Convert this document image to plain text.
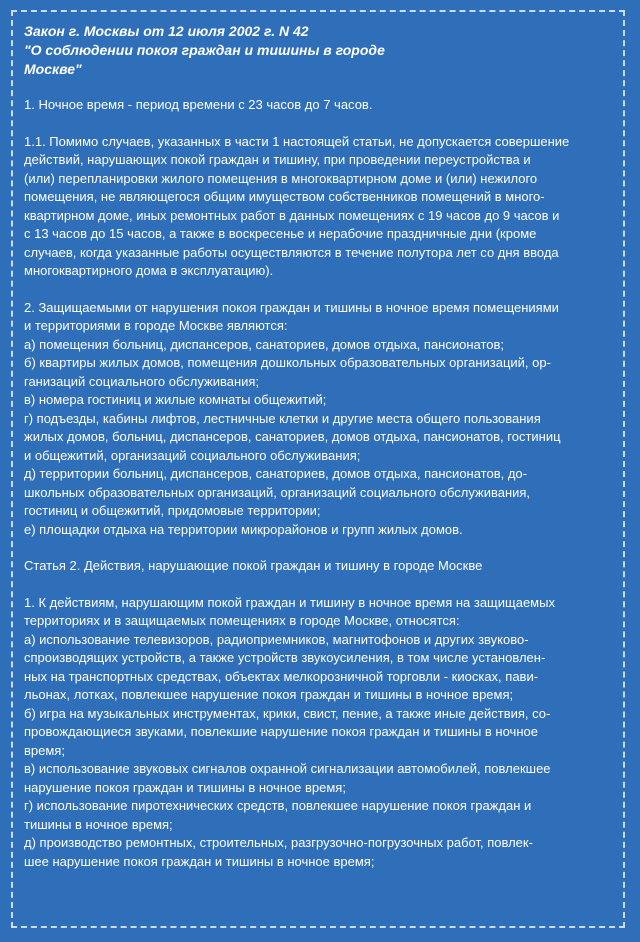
Закон г. Москвы от 12 июля 2002 г. N 42
"О соблюдении покоя граждан и тишины в городе
Москве"
1. Ночное время - период времени с 23 часов до 7 часов.
1.1. Помимо случаев, указанных в части 1 настоящей статьи, не допускается совершение
действий, нарушающих покой граждан и тишину, при проведении переустройства и
(или) перепланировки жилого помещения в многоквартирном доме и (или) нежилого
помещения, не являющегося общим имуществом собственников помещений в много-
квартирном доме, иных ремонтных работ в данных помещениях с 19 часов до 9 часов и
с 13 часов до 15 часов, а также в воскресенье и нерабочие праздничные дни (кроме
случаев, когда указанные работы осуществляются в течение полутора лет со дня ввода
многоквартирного дома в эксплуатацию).
2. Защищаемыми от нарушения покоя граждан и тишины в ночное время помещениями
и территориями в городе Москве являются:
а) помещения больниц, диспансеров, санаториев, домов отдыха, пансионатов;
б) квартиры жилых домов, помещения дошкольных образовательных организаций, ор-
ганизаций социального обслуживания;
в) номера гостиниц и жилые комнаты общежитий;
г) подъезды, кабины лифтов, лестничные клетки и другие места общего пользования
жилых домов, больниц, диспансеров, санаториев, домов отдыха, пансионатов, гостиниц
и общежитий, организаций социального обслуживания;
д) территории больниц, диспансеров, санаториев, домов отдыха, пансионатов, до-
школьных образовательных организаций, организаций социального обслуживания,
гостиниц и общежитий, придомовые территории;
е) площадки отдыха на территории микрорайонов и групп жилых домов.
Статья 2. Действия, нарушающие покой граждан и тишину в городе Москве
1. К действиям, нарушающим покой граждан и тишину в ночное время на защищаемых
территориях и в защищаемых помещениях в городе Москве, относятся:
а) использование телевизоров, радиоприемников, магнитофонов и других звуково-
спроизводящих устройств, а также устройств звукоусиления, в том числе установлен-
ных на транспортных средствах, объектах мелкорозничной торговли - киосках, пави-
льонах, лотках, повлекшее нарушение покоя граждан и тишины в ночное время;
б) игра на музыкальных инструментах, крики, свист, пение, а также иные действия, со-
провождающиеся звуками, повлекшие нарушение покоя граждан и тишины в ночное
время;
в) использование звуковых сигналов охранной сигнализации автомобилей, повлекшее
нарушение покоя граждан и тишины в ночное время;
г) использование пиротехнических средств, повлекшее нарушение покоя граждан и
тишины в ночное время;
д) производство ремонтных, строительных, разгрузочно-погрузочных работ, повлек-
шее нарушение покоя граждан и тишины в ночное время;
